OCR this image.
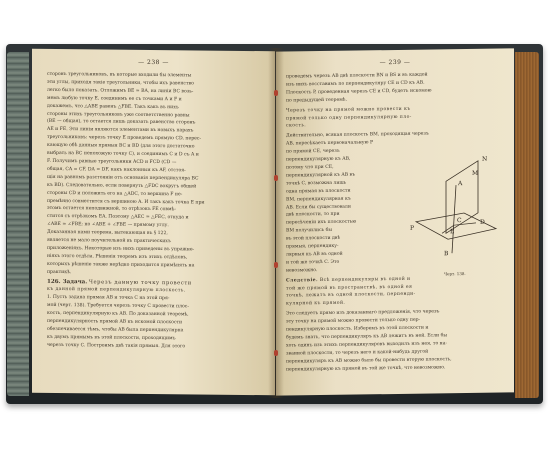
— 238 —
сторонъ треугольниковъ, въ которые входили бы элементы
эти углы, приходя такіе треугольники, чтобы ихъ равенство
легко было показать. Отложимъ BE = BA, на линіи BC возь-
мемъ любую точку E, соединимъ ее съ точками A и F и
докажемъ, что △ABE равенъ △FBE. Такъ какъ въ нихъ
стороны этихъ треугольниковъ уже соответственно равны
(BE — общая), то остается лишь доказать равенство сторонъ
AE и FE. Эти линіи являются элементами въ новыхъ парахъ
треугольниковъ: черезъ точку E проведемъ прямую CD, перес-
кающую обѣ данныя прямыя BC и BD (для этого достаточно
выбрать на BC непохожую точку C), и соединимъ C и D съ A и
F. Получимъ равные треугольники ACD и FCD (CD —
общая, CA = CF, DA = DF, какъ наклонныя къ AF, отстоя-
щія на равномъ разстояніи отъ основанія перпендикуляра BC
къ BD). Следовательно, если повернуть △FDC вокругъ общей
стороны CD и положить его на △ADC, то вершина F не-
премѣнно совместится съ вершиною A. И такъ какъ точка E при
этомъ остается неподвижной, то отрѣзокъ FE совмѣ-
стится съ отрѣзкомъ EA. Поэтому △AEC = △FEC, откуда и
∠ABE = ∠FBE; но ∠ABE + ∠FBE — прямому углу.
Доказанная нами теорема, вытекающая въ § 122,
является не мало поучительной въ практическихъ
приложеніяхъ. Некоторые изъ нихъ приведены въ упражне-
ніяхъ этого отдѣла. Рѣшенія теоремъ изъ этихъ отдѣловъ,
которыхъ рѣшеніе также нерѣдко приходится примѣнять на
практикѣ.
126. Задача. Черезъ данную точку провести
къ данной прямой перпендикулярную плоскость.
1. Пусть задана прямая AB и точка C на этой пря-
мой (черт. 138). Требуется черезъ точку C провести плос-
кость, перпендикулярную къ AB. По доказанной теоремѣ,
перпендикулярность прямой AB къ искомой плоскости
обезпечивается тѣмъ, чтобы AB была перпендикулярна
къ двумъ прямымъ въ этой плоскости, проходящимъ
черезъ точку C. Построимъ двѣ такія прямыя. Для этого
— 239 —
проведемъ черезъ AB двѣ плоскости BN и BS и въ каждой
изъ нихъ восставимъ по перпендикуляру CE и CD къ AB.
Плоскость P, проведенная черезъ CE и CD, будетъ искомою
по предыдущей теоремѣ.
Черезъ точку на прямой можно провести къ
прямой только одну перпендикулярную пло-
скость.
Действительно, всякая плоскость BM, проходящая черезъ
AB, пересѣкаетъ первоначальную P
по прямой CE, черезъ
перпендикулярную къ AB,
потому что при CE,
перпендикулярной къ AB въ
точкѣ C, возможна лишь
одна прямая въ плоскости
BM, перпендикулярная къ
AB. Если бы существовали
двѣ плоскости, то при
пересѣченіи ихъ плоскостью
BM получились бы
въ этой плоскости двѣ
прямыя, перпендику-
лярныя къ AB въ одной
и той же точкѣ C. Это
невозможно.
Следствіе. Всѣ перпендикуляры въ одной и
той же прямой въ пространствѣ, въ одной ея
точкѣ, лежатъ въ одной плоскости, перпенди-
кулярной къ прямой.
Это следуетъ прямо изъ доказаннаго предложенія, что черезъ
эту точку на прямой можно провести только одну пер-
пендикулярную плоскость. Изберемъ въ этой плоскости и
будемъ знать, что перпендикуляръ къ AB лежитъ въ ней. Если бы
хоть одинъ изъ этихъ перпендикуляровъ выходилъ изъ нея, то на-
званной плоскости, то черезъ него и какой-нибудь другой
перпендикуляръ къ AB можно было бы провести вторую плоскость,
перпендикулярную къ прямой въ той же точкѣ, что невозможно.
N
M
A
C	D
E
P
B
Черт. 138.
